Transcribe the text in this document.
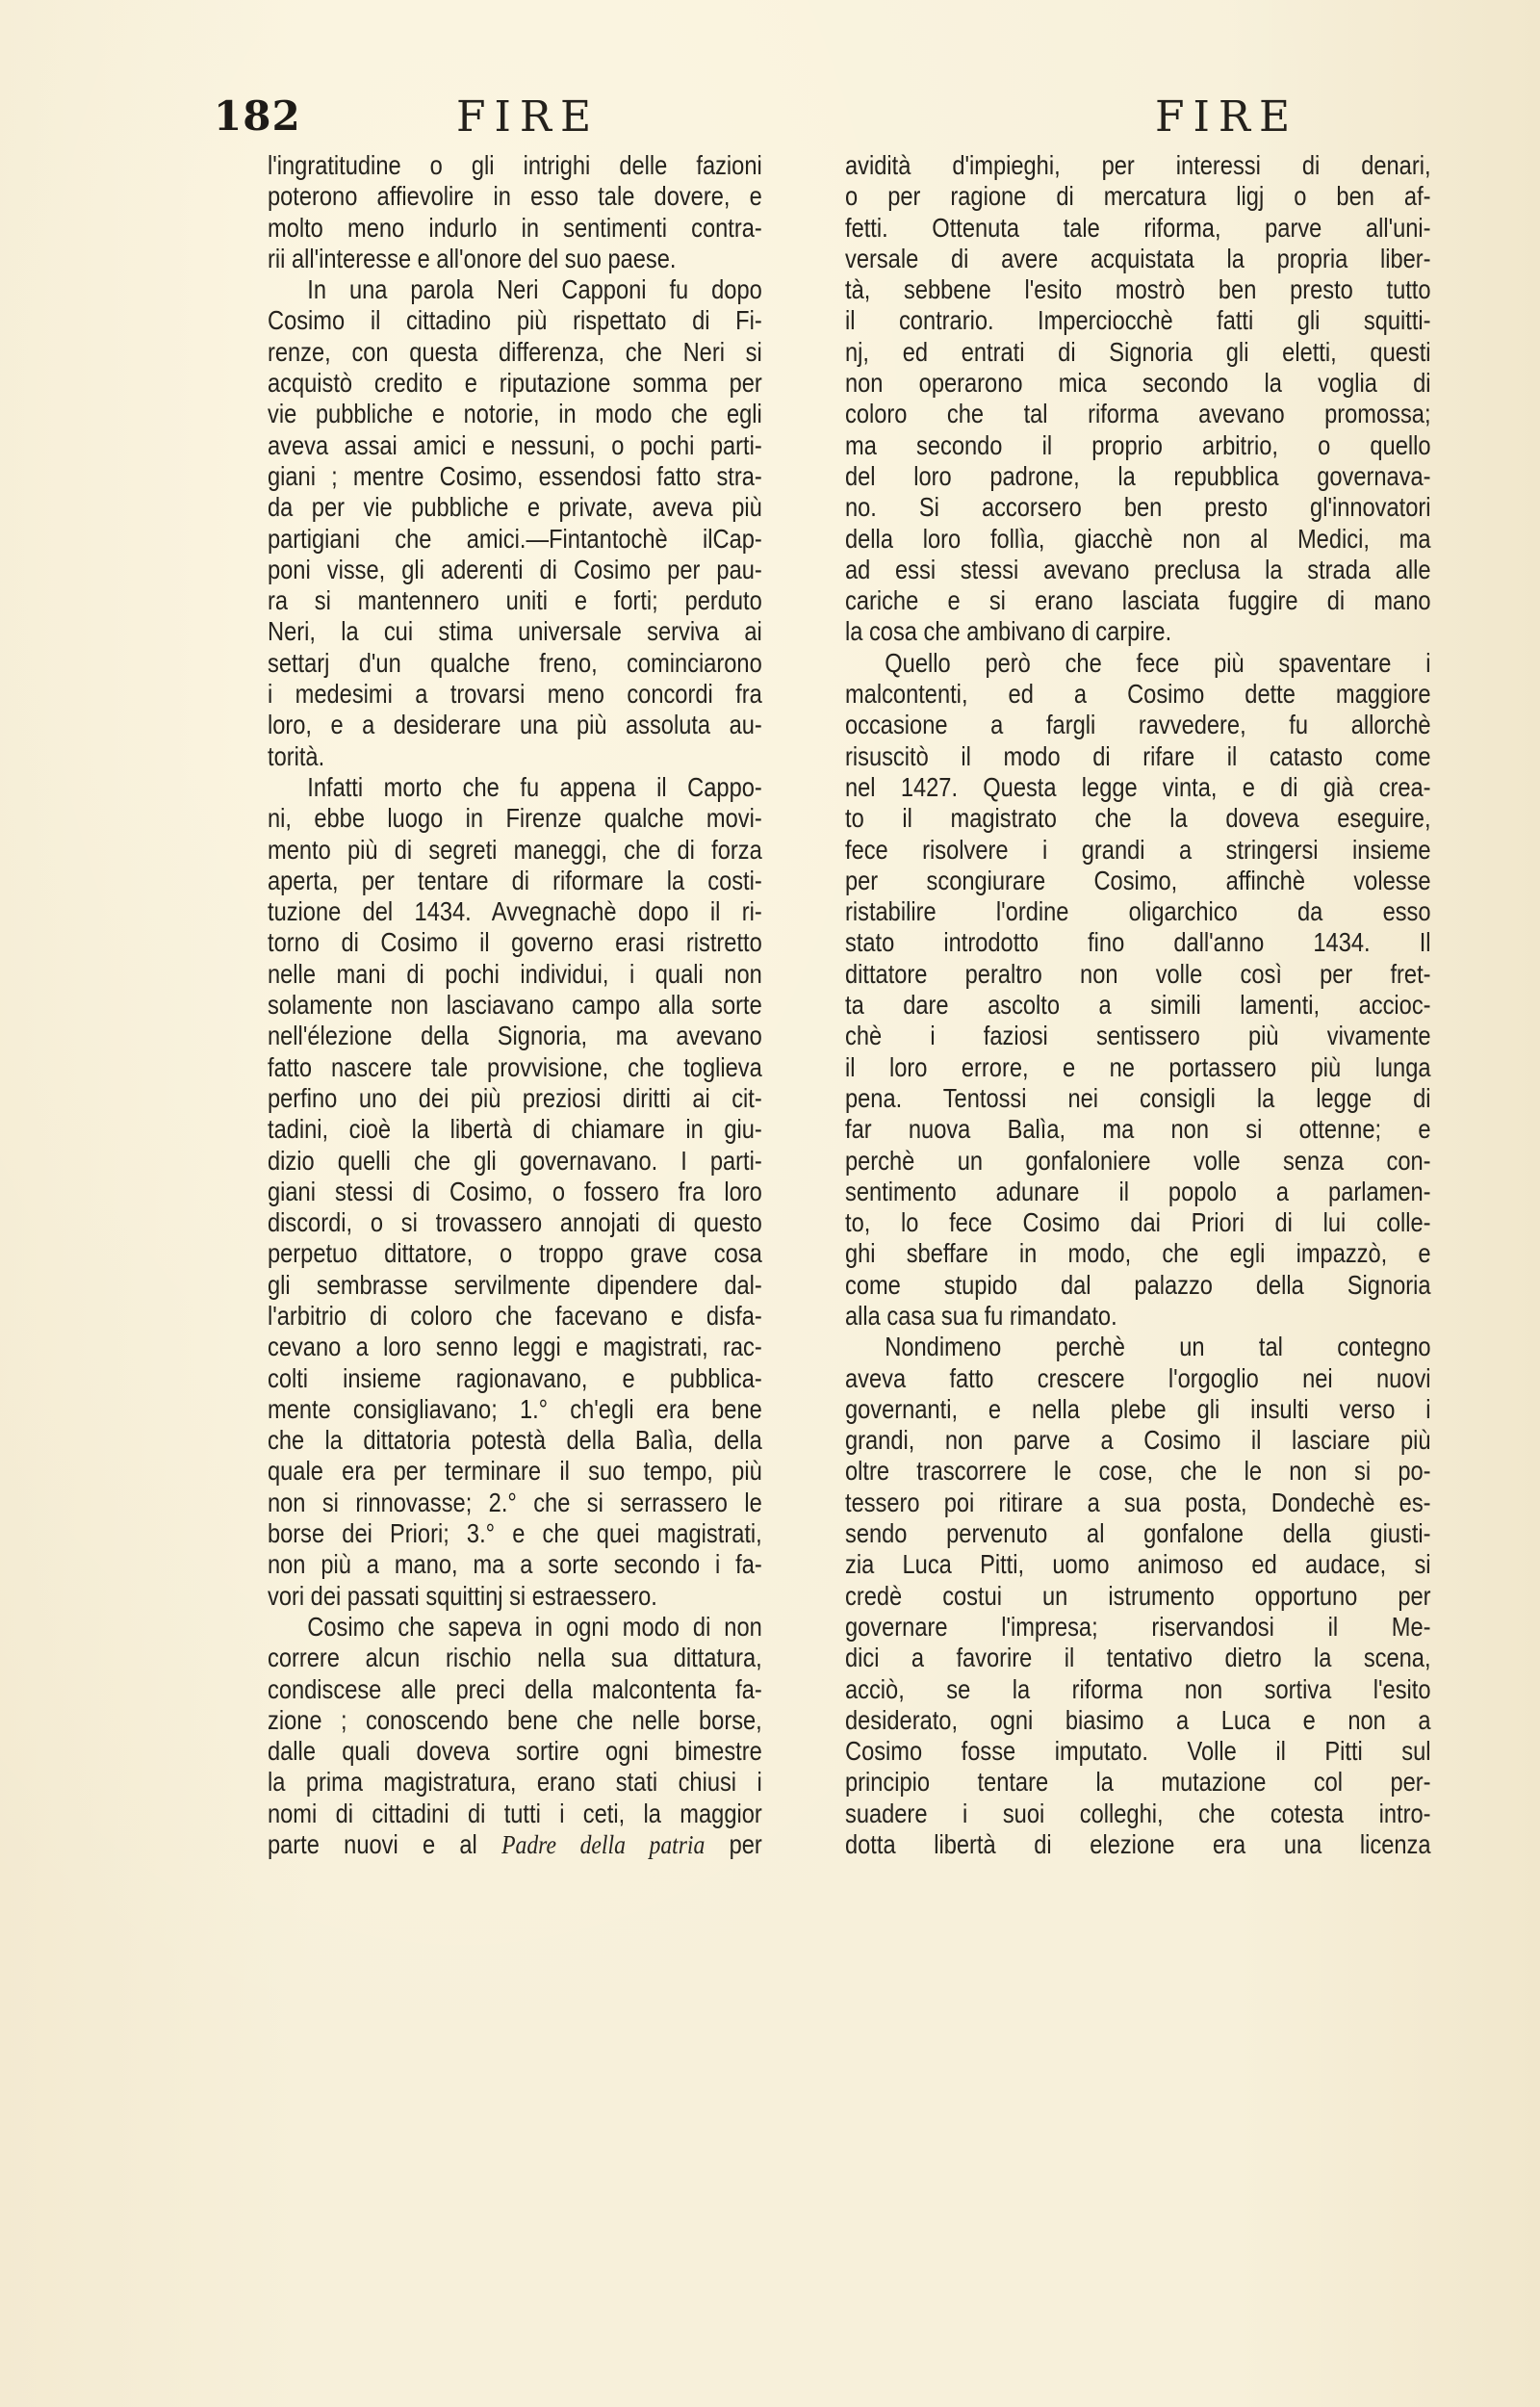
182	FIRE	FIRE
l'ingratitudine o gli intrighi delle fazioni
poterono affievolire in esso tale dovere, e
molto meno indurlo in sentimenti contra-
rii all'interesse e all'onore del suo paese.
In una parola Neri Capponi fu dopo
Cosimo il cittadino più rispettato di Fi-
renze, con questa differenza, che Neri si
acquistò credito e riputazione somma per
vie pubbliche e notorie, in modo che egli
aveva assai amici e nessuni, o pochi parti-
giani ; mentre Cosimo, essendosi fatto stra-
da per vie pubbliche e private, aveva più
partigiani che amici.—Fintantochè ilCap-
poni visse, gli aderenti di Cosimo per pau-
ra si mantennero uniti e forti; perduto
Neri, la cui stima universale serviva ai
settarj d'un qualche freno, cominciarono
i medesimi a trovarsi meno concordi fra
loro, e a desiderare una più assoluta au-
torità.
Infatti morto che fu appena il Cappo-
ni, ebbe luogo in Firenze qualche movi-
mento più di segreti maneggi, che di forza
aperta, per tentare di riformare la costi-
tuzione del 1434. Avvegnachè dopo il ri-
torno di Cosimo il governo erasi ristretto
nelle mani di pochi individui, i quali non
solamente non lasciavano campo alla sorte
nell'élezione della Signoria, ma avevano
fatto nascere tale provvisione, che toglieva
perfino uno dei più preziosi diritti ai cit-
tadini, cioè la libertà di chiamare in giu-
dizio quelli che gli governavano. I parti-
giani stessi di Cosimo, o fossero fra loro
discordi, o si trovassero annojati di questo
perpetuo dittatore, o troppo grave cosa
gli sembrasse servilmente dipendere dal-
l'arbitrio di coloro che facevano e disfa-
cevano a loro senno leggi e magistrati, rac-
colti insieme ragionavano, e pubblica-
mente consigliavano; 1.° ch'egli era bene
che la dittatoria potestà della Balìa, della
quale era per terminare il suo tempo, più
non si rinnovasse; 2.° che si serrassero le
borse dei Priori; 3.° e che quei magistrati,
non più a mano, ma a sorte secondo i fa-
vori dei passati squittinj si estraessero.
Cosimo che sapeva in ogni modo di non
correre alcun rischio nella sua dittatura,
condiscese alle preci della malcontenta fa-
zione ; conoscendo bene che nelle borse,
dalle quali doveva sortire ogni bimestre
la prima magistratura, erano stati chiusi i
nomi di cittadini di tutti i ceti, la maggior
parte nuovi e al Padre della patria per
avidità d'impieghi, per interessi di denari,
o per ragione di mercatura ligj o ben af-
fetti. Ottenuta tale riforma, parve all'uni-
versale di avere acquistata la propria liber-
tà, sebbene l'esito mostrò ben presto tutto
il contrario. Imperciocchè fatti gli squitti-
nj, ed entrati di Signoria gli eletti, questi
non operarono mica secondo la voglia di
coloro che tal riforma avevano promossa;
ma secondo il proprio arbitrio, o quello
del loro padrone, la repubblica governava-
no. Si accorsero ben presto gl'innovatori
della loro follìa, giacchè non al Medici, ma
ad essi stessi avevano preclusa la strada alle
cariche e si erano lasciata fuggire di mano
la cosa che ambivano di carpire.
Quello però che fece più spaventare i
malcontenti, ed a Cosimo dette maggiore
occasione a fargli ravvedere, fu allorchè
risuscitò il modo di rifare il catasto come
nel 1427. Questa legge vinta, e di già crea-
to il magistrato che la doveva eseguire,
fece risolvere i grandi a stringersi insieme
per scongiurare Cosimo, affinchè volesse
ristabilire l'ordine oligarchico da esso
stato introdotto fino dall'anno 1434. Il
dittatore peraltro non volle così per fret-
ta dare ascolto a simili lamenti, accioc-
chè i faziosi sentissero più vivamente
il loro errore, e ne portassero più lunga
pena. Tentossi nei consigli la legge di
far nuova Balìa, ma non si ottenne; e
perchè un gonfaloniere volle senza con-
sentimento adunare il popolo a parlamen-
to, lo fece Cosimo dai Priori di lui colle-
ghi sbeffare in modo, che egli impazzò, e
come stupido dal palazzo della Signoria
alla casa sua fu rimandato.
Nondimeno perchè un tal contegno
aveva fatto crescere l'orgoglio nei nuovi
governanti, e nella plebe gli insulti verso i
grandi, non parve a Cosimo il lasciare più
oltre trascorrere le cose, che le non si po-
tessero poi ritirare a sua posta, Dondechè es-
sendo pervenuto al gonfalone della giusti-
zia Luca Pitti, uomo animoso ed audace, si
credè costui un istrumento opportuno per
governare l'impresa; riservandosi il Me-
dici a favorire il tentativo dietro la scena,
acciò, se la riforma non sortiva l'esito
desiderato, ogni biasimo a Luca e non a
Cosimo fosse imputato. Volle il Pitti sul
principio tentare la mutazione col per-
suadere i suoi colleghi, che cotesta intro-
dotta libertà di elezione era una licenza
